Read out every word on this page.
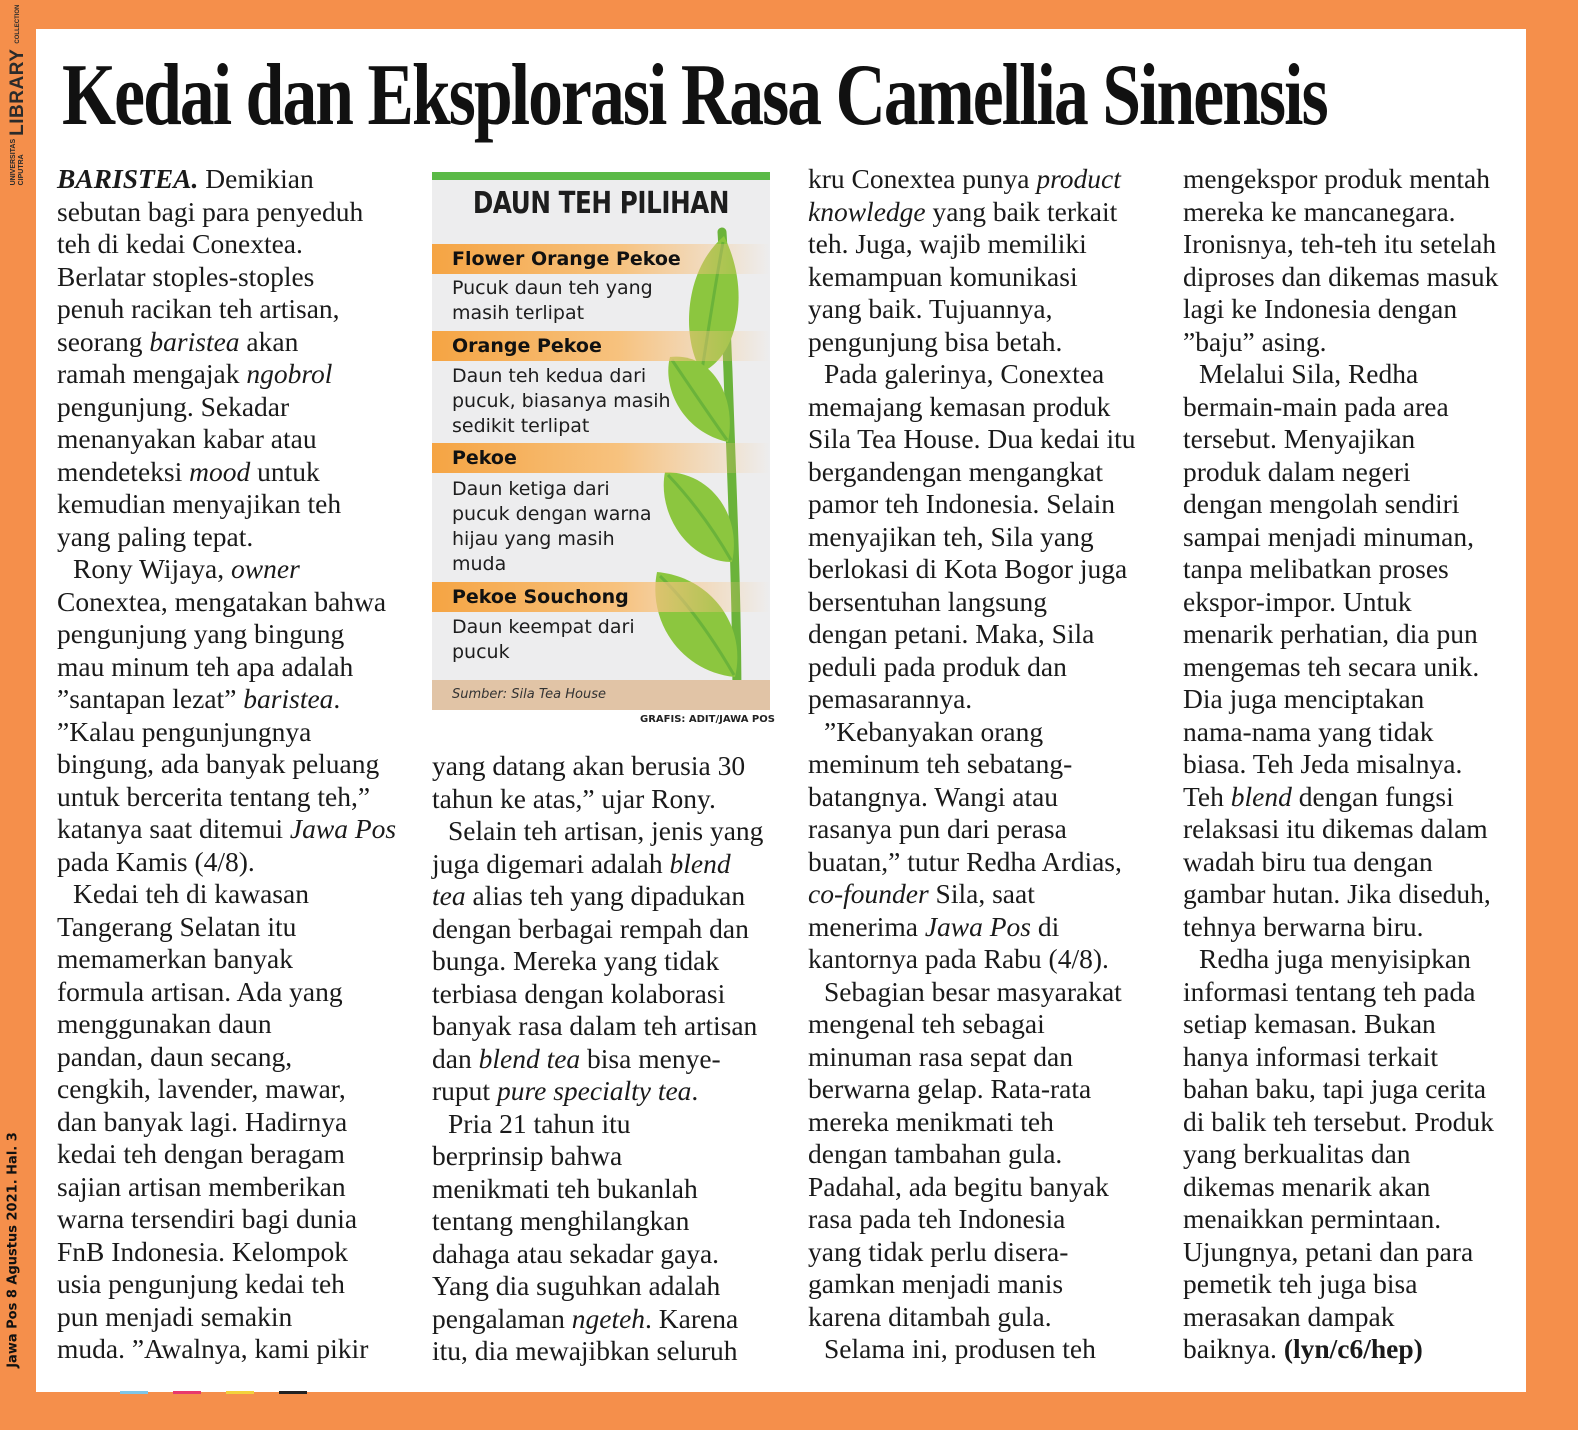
UNIVERSITAS CIPUTRA
LIBRARY
COLLECTION
Jawa Pos 8 Agustus 2021. Hal. 3
Kedai dan Eksplorasi Rasa Camellia Sinensis
BARISTEA. Demikian
sebutan bagi para penyeduh
teh di kedai Conextea.
Berlatar stoples-stoples
penuh racikan teh artisan,
seorang baristea akan
ramah mengajak ngobrol
pengunjung. Sekadar
menanyakan kabar atau
mendeteksi mood untuk
kemudian menyajikan teh
yang paling tepat.
Rony Wijaya, owner
Conextea, mengatakan bahwa
pengunjung yang bingung
mau minum teh apa adalah
”santapan lezat” baristea.
”Kalau pengunjungnya
bingung, ada banyak peluang
untuk bercerita tentang teh,”
katanya saat ditemui Jawa Pos
pada Kamis (4/8).
Kedai teh di kawasan
Tangerang Selatan itu
memamerkan banyak
formula artisan. Ada yang
menggunakan daun
pandan, daun secang,
cengkih, lavender, mawar,
dan banyak lagi. Hadirnya
kedai teh dengan beragam
sajian artisan memberikan
warna tersendiri bagi dunia
FnB Indonesia. Kelompok
usia pengunjung kedai teh
pun menjadi semakin
muda. ”Awalnya, kami pikir
yang datang akan berusia 30
tahun ke atas,” ujar Rony.
Selain teh artisan, jenis yang
juga digemari adalah blend
tea alias teh yang dipadukan
dengan berbagai rempah dan
bunga. Mereka yang tidak
terbiasa dengan kolaborasi
banyak rasa dalam teh artisan
dan blend tea bisa menye-
ruput pure specialty tea.
Pria 21 tahun itu
berprinsip bahwa
menikmati teh bukanlah
tentang menghilangkan
dahaga atau sekadar gaya.
Yang dia suguhkan adalah
pengalaman ngeteh. Karena
itu, dia mewajibkan seluruh
kru Conextea punya product
knowledge yang baik terkait
teh. Juga, wajib memiliki
kemampuan komunikasi
yang baik. Tujuannya,
pengunjung bisa betah.
Pada galerinya, Conextea
memajang kemasan produk
Sila Tea House. Dua kedai itu
bergandengan mengangkat
pamor teh Indonesia. Selain
menyajikan teh, Sila yang
berlokasi di Kota Bogor juga
bersentuhan langsung
dengan petani. Maka, Sila
peduli pada produk dan
pemasarannya.
”Kebanyakan orang
meminum teh sebatang-
batangnya. Wangi atau
rasanya pun dari perasa
buatan,” tutur Redha Ardias,
co-founder Sila, saat
menerima Jawa Pos di
kantornya pada Rabu (4/8).
Sebagian besar masyarakat
mengenal teh sebagai
minuman rasa sepat dan
berwarna gelap. Rata-rata
mereka menikmati teh
dengan tambahan gula.
Padahal, ada begitu banyak
rasa pada teh Indonesia
yang tidak perlu disera-
gamkan menjadi manis
karena ditambah gula.
Selama ini, produsen teh
mengekspor produk mentah
mereka ke mancanegara.
Ironisnya, teh-teh itu setelah
diproses dan dikemas masuk
lagi ke Indonesia dengan
”baju” asing.
Melalui Sila, Redha
bermain-main pada area
tersebut. Menyajikan
produk dalam negeri
dengan mengolah sendiri
sampai menjadi minuman,
tanpa melibatkan proses
ekspor-impor. Untuk
menarik perhatian, dia pun
mengemas teh secara unik.
Dia juga menciptakan
nama-nama yang tidak
biasa. Teh Jeda misalnya.
Teh blend dengan fungsi
relaksasi itu dikemas dalam
wadah biru tua dengan
gambar hutan. Jika diseduh,
tehnya berwarna biru.
Redha juga menyisipkan
informasi tentang teh pada
setiap kemasan. Bukan
hanya informasi terkait
bahan baku, tapi juga cerita
di balik teh tersebut. Produk
yang berkualitas dan
dikemas menarik akan
menaikkan permintaan.
Ujungnya, petani dan para
pemetik teh juga bisa
merasakan dampak
baiknya. (lyn/c6/hep)
DAUN TEH PILIHAN
Flower Orange Pekoe
Pucuk daun teh yang
masih terlipat
Orange Pekoe
Daun teh kedua dari
pucuk, biasanya masih
sedikit terlipat
Pekoe
Daun ketiga dari
pucuk dengan warna
hijau yang masih
muda
Pekoe Souchong
Daun keempat dari
pucuk
Sumber: Sila Tea House
GRAFIS: ADIT/JAWA POS
